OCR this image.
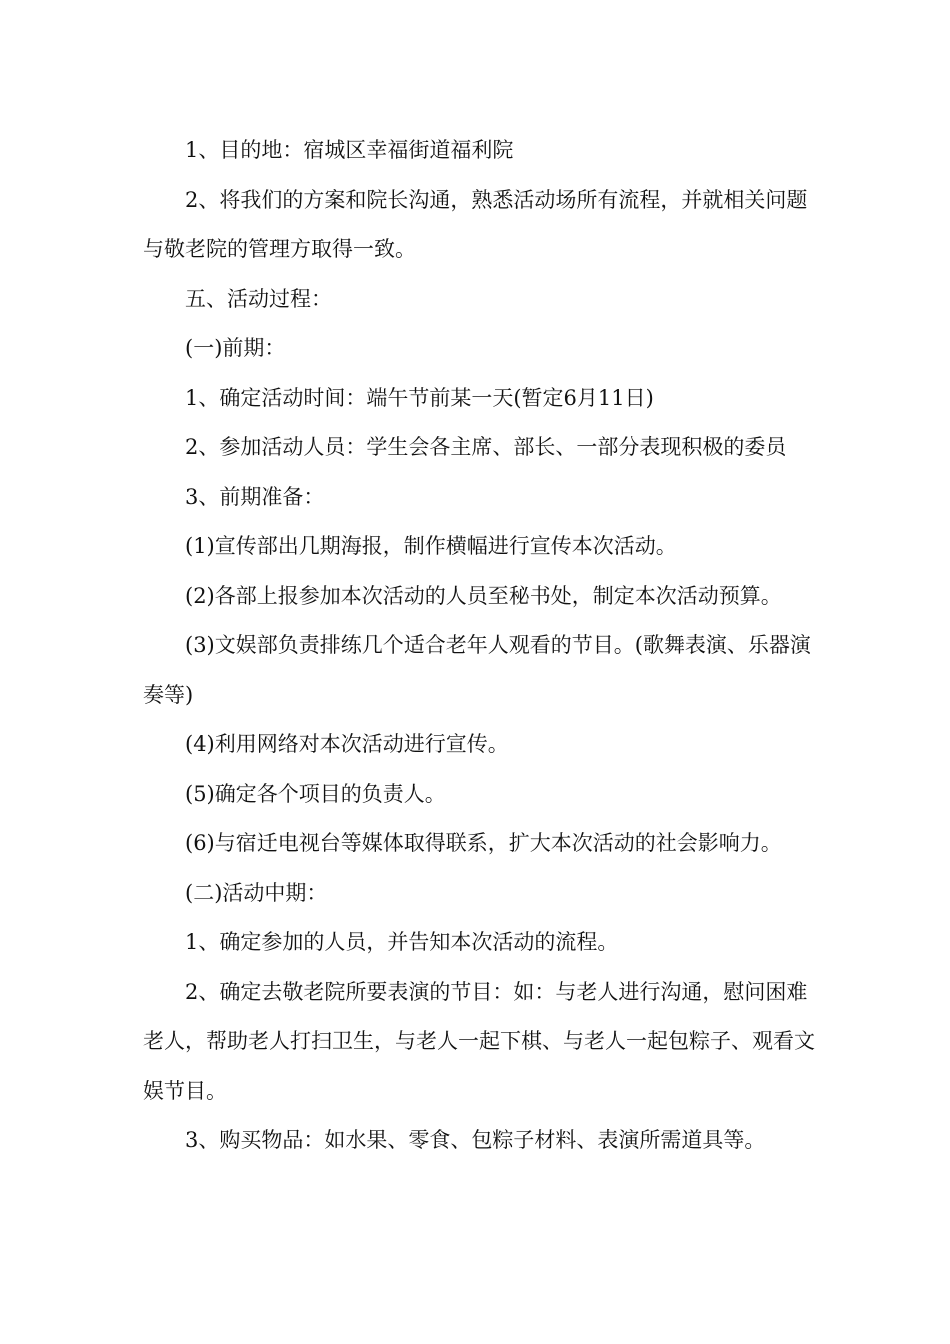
1、目的地：宿城区幸福街道福利院

2、将我们的方案和院长沟通，熟悉活动场所有流程，并就相关问题与敬老院的管理方取得一致。

五、活动过程：

(一)前期：

1、确定活动时间：端午节前某一天(暂定6月11日)

2、参加活动人员：学生会各主席、部长、一部分表现积极的委员

3、前期准备：

(1)宣传部出几期海报，制作横幅进行宣传本次活动。

(2)各部上报参加本次活动的人员至秘书处，制定本次活动预算。

(3)文娱部负责排练几个适合老年人观看的节目。(歌舞表演、乐器演奏等)

(4)利用网络对本次活动进行宣传。

(5)确定各个项目的负责人。

(6)与宿迁电视台等媒体取得联系，扩大本次活动的社会影响力。

(二)活动中期：

1、确定参加的人员，并告知本次活动的流程。

2、确定去敬老院所要表演的节目：如：与老人进行沟通，慰问困难老人，帮助老人打扫卫生，与老人一起下棋、与老人一起包粽子、观看文娱节目。

3、购买物品：如水果、零食、包粽子材料、表演所需道具等。
